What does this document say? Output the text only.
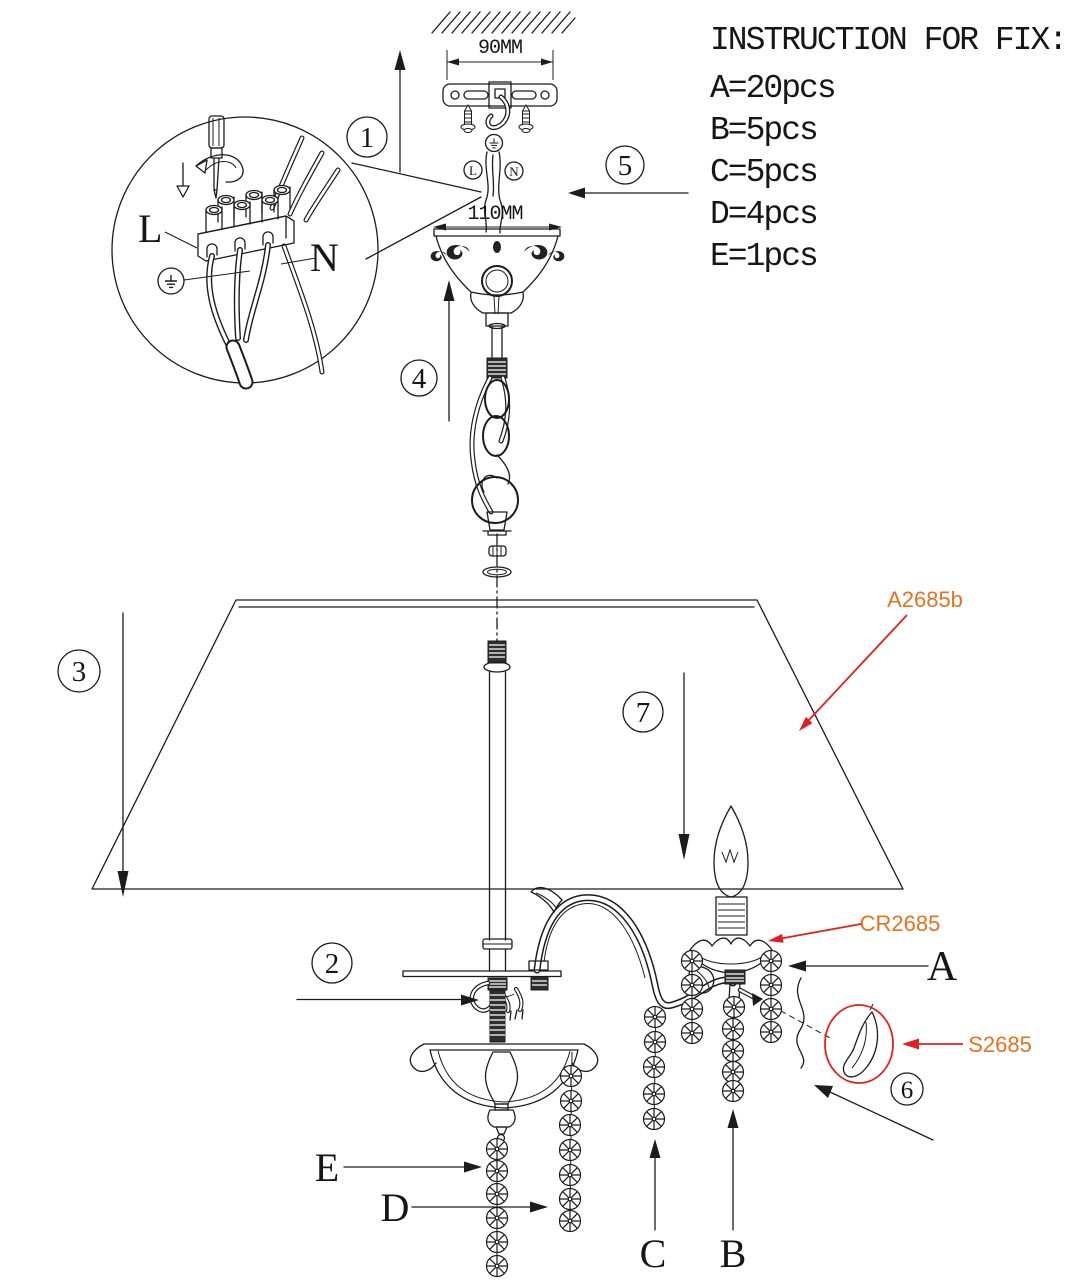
L
N
1
90MM
L N	5
110MM
3
4
7
2
6
A2685b
CR2685
S2685
A
E
D
C B
INSTRUCTION FOR FIX:
A=20pcs
B=5pcs
C=5pcs
D=4pcs
E=1pcs
